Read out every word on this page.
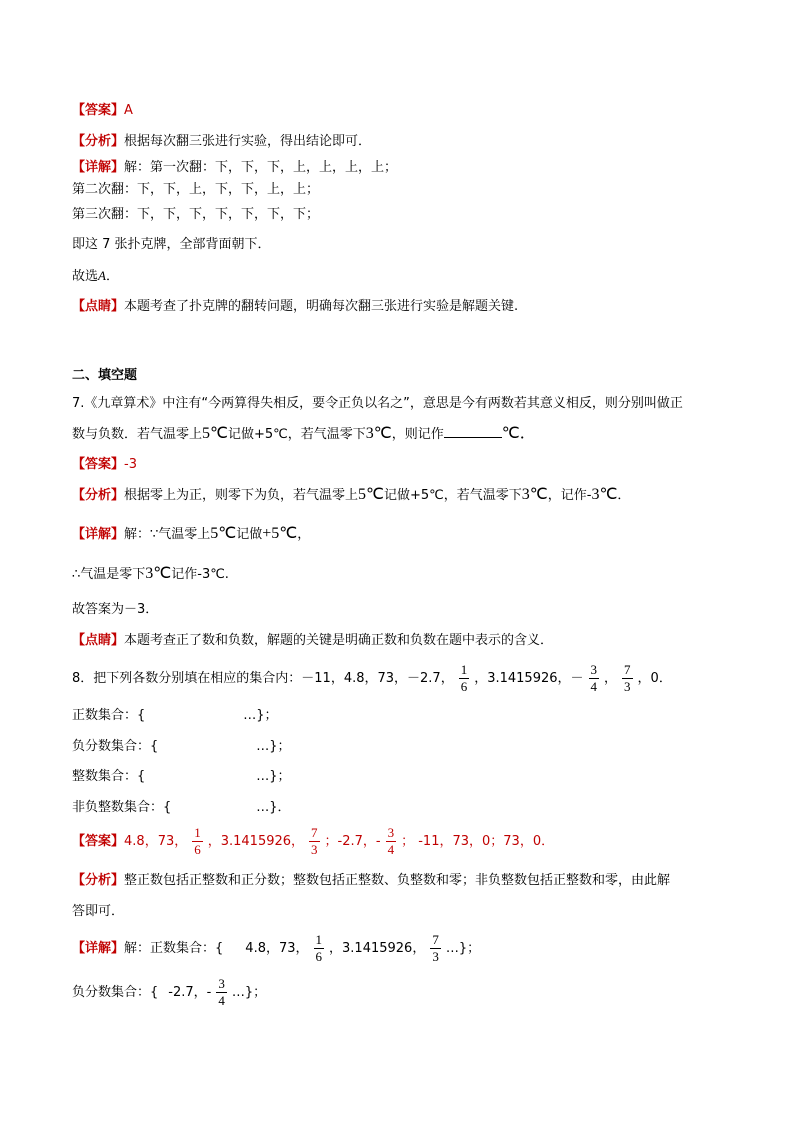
【答案】A
【分析】根据每次翻三张进行实验，得出结论即可．
【详解】解：第一次翻：下，下，下，上，上，上，上；
第二次翻：下，下，上，下，下，上，上；
第三次翻：下，下，下，下，下，下，下；
即这 7 张扑克牌，全部背面朝下．
故选A．
【点睛】本题考查了扑克牌的翻转问题，明确每次翻三张进行实验是解题关键.
二、填空题
7.《九章算术》中注有“今两算得失相反，要令正负以名之”，意思是今有两数若其意义相反，则分别叫做正
数与负数．若气温零上5℃记做+5℃，若气温零下3℃，则记作	℃．
【答案】-3
【分析】根据零上为正，则零下为负，若气温零上5℃记做+5℃，若气温零下3℃，记作-3℃．
【详解】解：∵气温零上5℃记做+5℃，
∴气温是零下3℃记作-3℃.
故答案为－3．
【点睛】本题考查正了数和负数，解题的关键是明确正数和负数在题中表示的含义．
8．把下列各数分别填在相应的集合内：－11，4.8，73，－2.7， $\frac{1}{6}$ ，3.1415926，－ $\frac{3}{4}$ ， $\frac{7}{3}$ ，0．
正数集合：{	…}；
负分数集合：{	…}；
整数集合：{	…}；
非负整数集合：{	…}．
【答案】4.8，73， $\frac{1}{6}$ ，3.1415926， $\frac{7}{3}$ ；-2.7，- $\frac{3}{4}$ ； -11，73，0；73，0．
【分析】整正数包括正整数和正分数；整数包括正整数、负整数和零；非负整数包括正整数和零，由此解
答即可．
【详解】解：正数集合：{ 4.8，73， $\frac{1}{6}$ ，3.1415926， $\frac{7}{3}$ …}；
负分数集合：{ -2.7，- $\frac{3}{4}$ …}；
